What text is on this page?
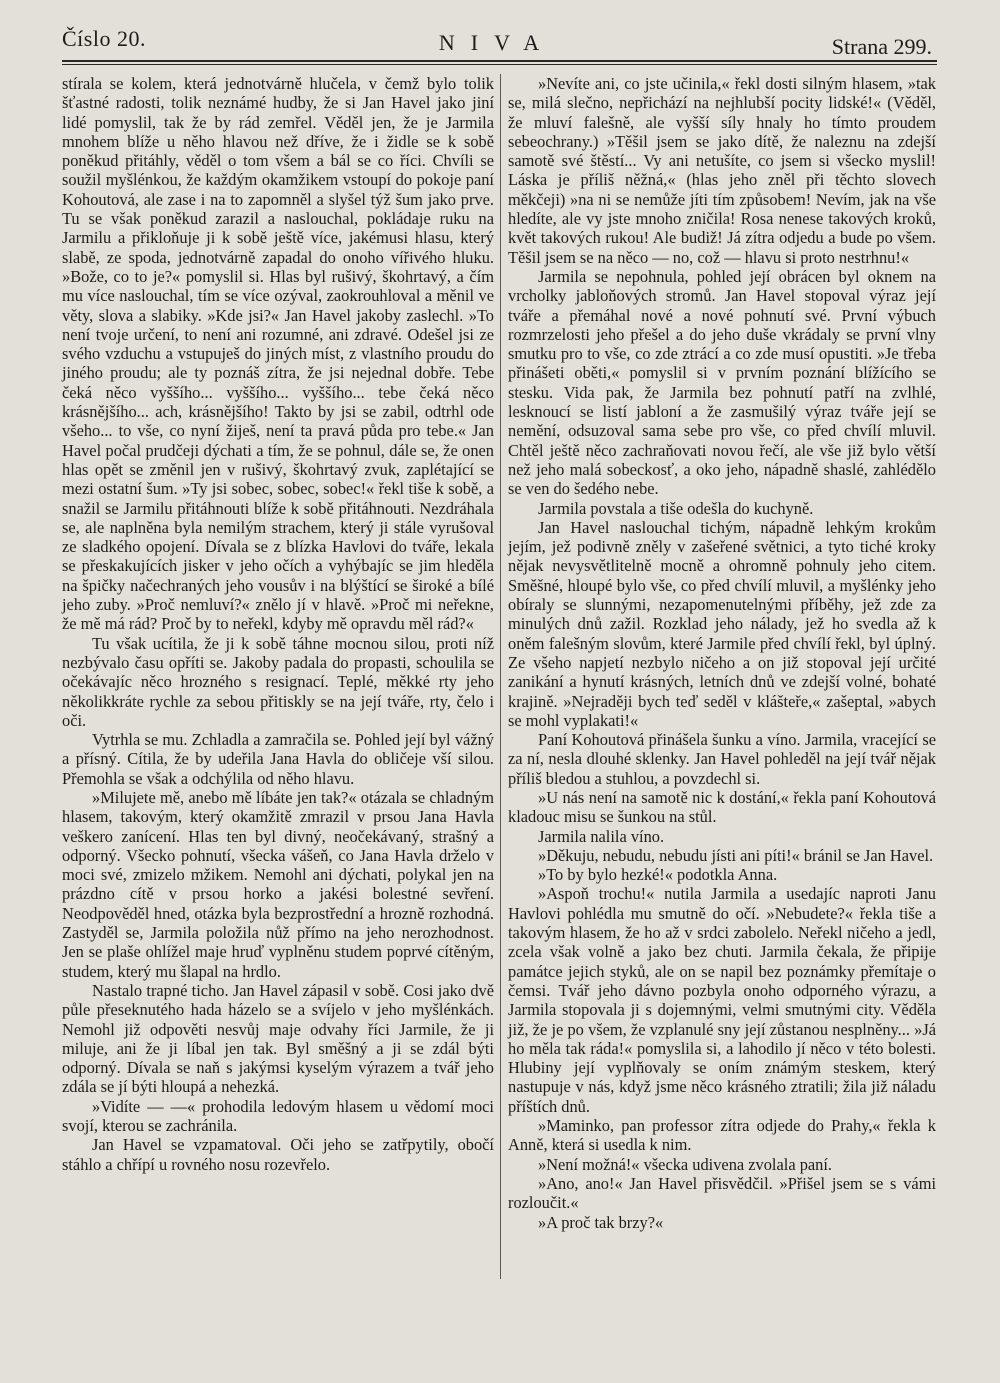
Číslo 20.	NIVA	Strana 299.

stírala se kolem, která jednotvárně hlučela, v čemž bylo tolik šťastné radosti, tolik neznámé hudby, že si Jan Havel jako jiní lidé pomyslil, tak že by rád zemřel. Věděl jen, že je Jarmila mnohem blíže u něho hlavou než dříve, že i židle se k sobě poněkud přitáhly, věděl o tom všem a bál se co říci. Chvíli se soužil myšlénkou, že každým okamžikem vstoupí do pokoje paní Kohoutová, ale zase i na to zapomněl a slyšel týž šum jako prve. Tu se však poněkud zarazil a naslouchal, pokládaje ruku na Jarmilu a přikloňuje ji k sobě ještě více, jakémusi hlasu, který slabě, ze spoda, jednotvárně zapadal do onoho vířivého hluku. »Bože, co to je?« pomyslil si. Hlas byl rušivý, škohrtavý, a čím mu více naslouchal, tím se více ozýval, zaokrouhloval a měnil ve věty, slova a slabiky. »Kde jsi?« Jan Havel jakoby zaslechl. »To není tvoje určení, to není ani rozumné, ani zdravé. Odešel jsi ze svého vzduchu a vstupuješ do jiných míst, z vlastního proudu do jiného proudu; ale ty poznáš zítra, že jsi nejednal dobře. Tebe čeká něco vyššího... vyššího... vyššího... tebe čeká něco krásnějšího... ach, krásnějšího! Takto by jsi se zabil, odtrhl ode všeho... to vše, co nyní žiješ, není ta pravá půda pro tebe.« Jan Havel počal prudčeji dýchati a tím, že se pohnul, dále se, že onen hlas opět se změnil jen v rušivý, škohrtavý zvuk, zaplétající se mezi ostatní šum. »Ty jsi sobec, sobec, sobec!« řekl tiše k sobě, a snažil se Jarmilu přitáhnouti blíže k sobě přitáhnouti. Nezdráhala se, ale naplněna byla nemilým strachem, který ji stále vyrušoval ze sladkého opojení. Dívala se z blízka Havlovi do tváře, lekala se přeskakujících jisker v jeho očích a vyhýbajíc se jim hleděla na špičky načechraných jeho vousův i na blýštící se široké a bílé jeho zuby. »Proč nemluví?« znělo jí v hlavě. »Proč mi neřekne, že mě má rád? Proč by to neřekl, kdyby mě opravdu měl rád?«

Tu však ucítila, že ji k sobě táhne mocnou silou, proti níž nezbývalo času opříti se. Jakoby padala do propasti, schoulila se očekávajíc něco hrozného s resignací. Teplé, měkké rty jeho několikkráte rychle za sebou přitiskly se na její tváře, rty, čelo i oči.

Vytrhla se mu. Zchladla a zamračila se. Pohled její byl vážný a přísný. Cítila, že by udeřila Jana Havla do obličeje vší silou. Přemohla se však a odchýlila od něho hlavu.

»Milujete mě, anebo mě líbáte jen tak?« otázala se chladným hlasem, takovým, který okamžitě zmrazil v prsou Jana Havla veškero zanícení. Hlas ten byl divný, neočekávaný, strašný a odporný. Všecko pohnutí, všecka vášeň, co Jana Havla drželo v moci své, zmizelo mžikem. Nemohl ani dýchati, polykal jen na prázdno cítě v prsou horko a jakési bolestné sevření. Neodpověděl hned, otázka byla bezprostřední a hrozně rozhodná. Zastyděl se, Jarmila položila nůž přímo na jeho nerozhodnost. Jen se plaše ohlížel maje hruď vyplněnu studem poprvé cítěným, studem, který mu šlapal na hrdlo.

Nastalo trapné ticho. Jan Havel zápasil v sobě. Cosi jako dvě půle přeseknutého hada házelo se a svíjelo v jeho myšlénkách. Nemohl již odpověti nesvůj maje odvahy říci Jarmile, že ji miluje, ani že ji líbal jen tak. Byl směšný a ji se zdál býti odporný. Dívala se naň s jakýmsi kyselým výrazem a tvář jeho zdála se jí býti hloupá a nehezká.

»Vidíte — —« prohodila ledovým hlasem u vědomí moci svojí, kterou se zachránila.

Jan Havel se vzpamatoval. Oči jeho se zatřpytily, obočí stáhlo a chřípí u rovného nosu rozevřelo.

»Nevíte ani, co jste učinila,« řekl dosti silným hlasem, »tak se, milá slečno, nepřichází na nejhlubší pocity lidské!« (Věděl, že mluví falešně, ale vyšší síly hnaly ho tímto proudem sebeochrany.) »Těšil jsem se jako dítě, že naleznu na zdejší samotě své štěstí... Vy ani netušíte, co jsem si všecko myslil! Láska je příliš něžná,« (hlas jeho zněl při těchto slovech měkčeji) »na ni se nemůže jíti tím způsobem! Nevím, jak na vše hledíte, ale vy jste mnoho zničila! Rosa nenese takových kroků, květ takových rukou! Ale budiž! Já zítra odjedu a bude po všem. Těšil jsem se na něco — no, což — hlavu si proto nestrhnu!«

Jarmila se nepohnula, pohled její obrácen byl oknem na vrcholky jabloňových stromů. Jan Havel stopoval výraz její tváře a přemáhal nové a nové pohnutí své. První výbuch rozmrzelosti jeho přešel a do jeho duše vkrádaly se první vlny smutku pro to vše, co zde ztrácí a co zde musí opustiti. »Je třeba přinášeti oběti,« pomyslil si v prvním poznání blížícího se stesku. Vida pak, že Jarmila bez pohnutí patří na zvlhlé, lesknoucí se listí jabloní a že zasmušilý výraz tváře její se nemění, odsuzoval sama sebe pro vše, co před chvílí mluvil. Chtěl ještě něco zachraňovati novou řečí, ale vše již bylo větší než jeho malá sobeckosť, a oko jeho, nápadně shaslé, zahlédělo se ven do šedého nebe.

Jarmila povstala a tiše odešla do kuchyně.

Jan Havel naslouchal tichým, nápadně lehkým krokům jejím, jež podivně zněly v zašeřené světnici, a tyto tiché kroky nějak nevysvětlitelně mocně a ohromně pohnuly jeho citem. Směšné, hloupé bylo vše, co před chvílí mluvil, a myšlénky jeho obíraly se slunnými, nezapomenutelnými příběhy, jež zde za minulých dnů zažil. Rozklad jeho nálady, jež ho svedla až k oněm falešným slovům, které Jarmile před chvílí řekl, byl úplný. Ze všeho napjetí nezbylo ničeho a on již stopoval její určité zanikání a hynutí krásných, letních dnů ve zdejší volné, bohaté krajině. »Nejraději bych teď seděl v klášteře,« zašeptal, »abych se mohl vyplakati!«

Paní Kohoutová přinášela šunku a víno. Jarmila, vracející se za ní, nesla dlouhé sklenky. Jan Havel pohleděl na její tvář nějak příliš bledou a stuhlou, a povzdechl si.

»U nás není na samotě nic k dostání,« řekla paní Kohoutová kladouc misu se šunkou na stůl.

Jarmila nalila víno.

»Děkuju, nebudu, nebudu jísti ani píti!« bránil se Jan Havel.

»To by bylo hezké!« podotkla Anna.

»Aspoň trochu!« nutila Jarmila a usedajíc naproti Janu Havlovi pohlédla mu smutně do očí. »Nebudete?« řekla tiše a takovým hlasem, že ho až v srdci zabolelo. Neřekl ničeho a jedl, zcela však volně a jako bez chuti. Jarmila čekala, že připije památce jejich styků, ale on se napil bez poznámky přemítaje o čemsi. Tvář jeho dávno pozbyla onoho odporného výrazu, a Jarmila stopovala ji s dojemnými, velmi smutnými city. Věděla již, že je po všem, že vzplanulé sny její zůstanou nesplněny... »Já ho měla tak ráda!« pomyslila si, a lahodilo jí něco v této bolesti. Hlubiny její vyplňovaly se oním známým steskem, který nastupuje v nás, když jsme něco krásného ztratili; žila již náladu příštích dnů.

»Maminko, pan professor zítra odjede do Prahy,« řekla k Anně, která si usedla k nim.

»Není možná!« všecka udivena zvolala paní.

»Ano, ano!« Jan Havel přisvědčil. »Přišel jsem se s vámi rozloučit.«

»A proč tak brzy?«
